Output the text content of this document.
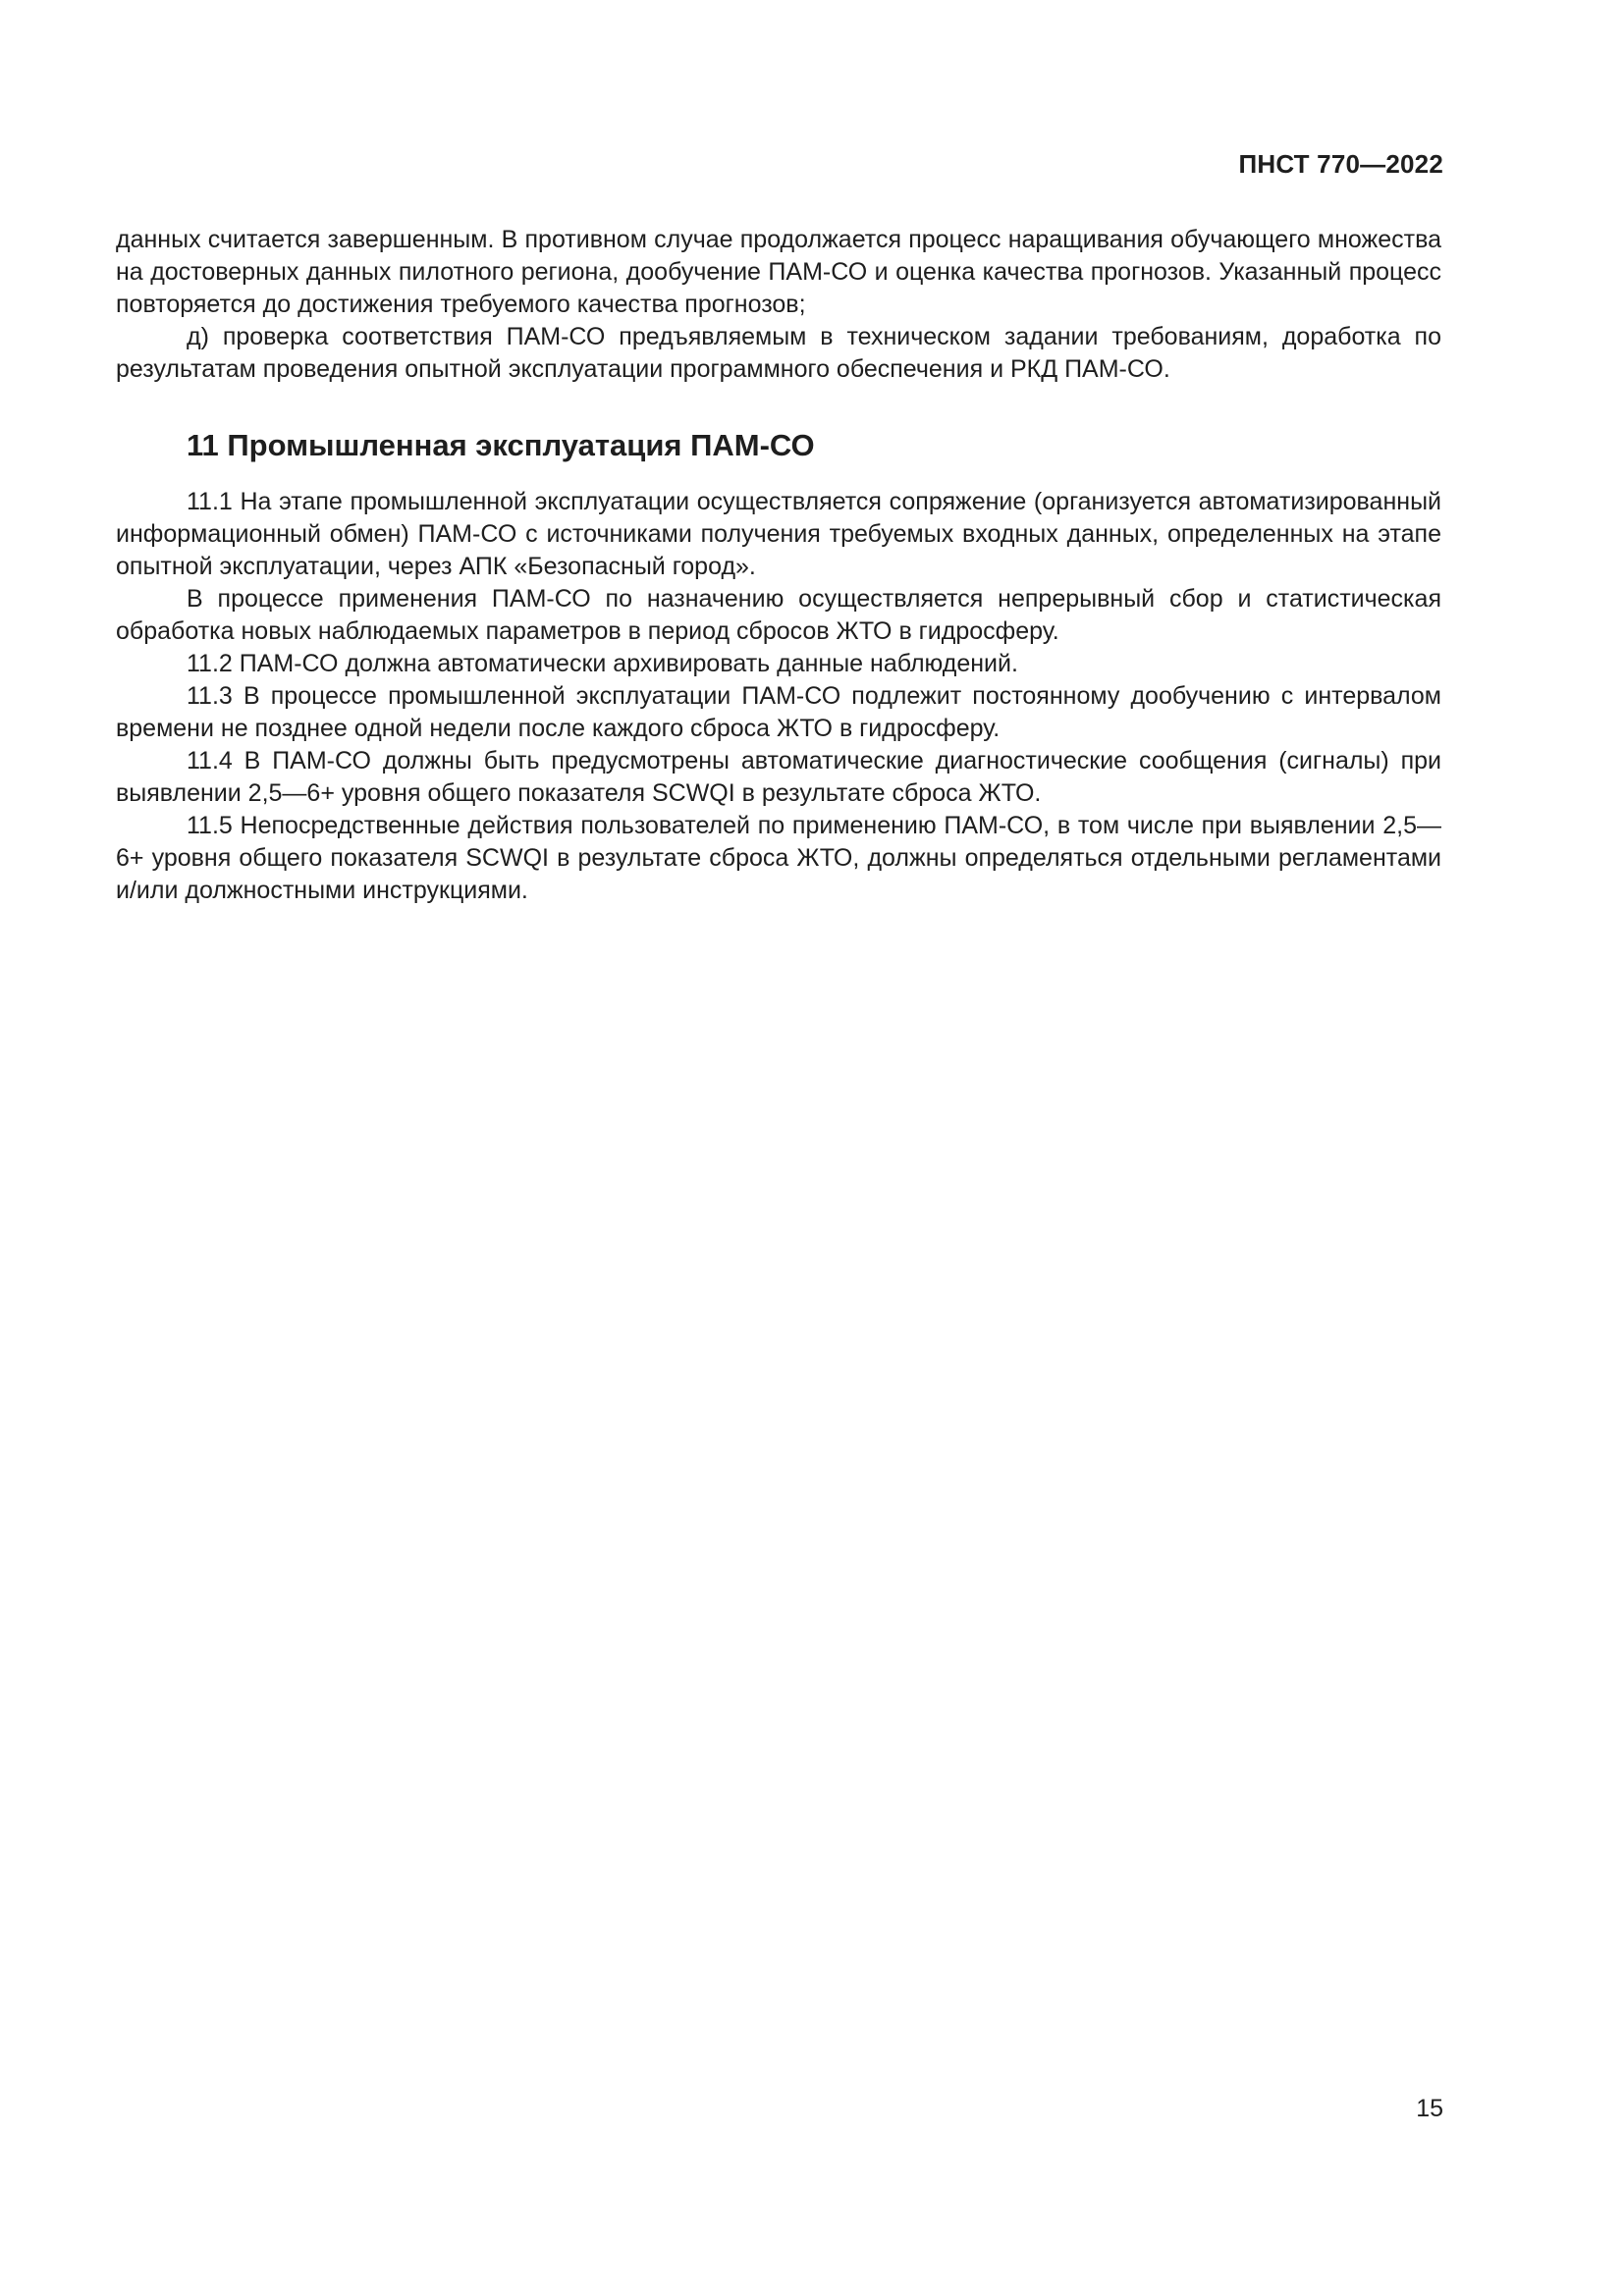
ПНСТ 770—2022

данных считается завершенным. В противном случае продолжается процесс наращивания обучающего множества на достоверных данных пилотного региона, дообучение ПАМ-СО и оценка качества прогнозов. Указанный процесс повторяется до достижения требуемого качества прогнозов;

д) проверка соответствия ПАМ-СО предъявляемым в техническом задании требованиям, доработка по результатам проведения опытной эксплуатации программного обеспечения и РКД ПАМ-СО.

11 Промышленная эксплуатация ПАМ-СО

11.1 На этапе промышленной эксплуатации осуществляется сопряжение (организуется автоматизированный информационный обмен) ПАМ-СО с источниками получения требуемых входных данных, определенных на этапе опытной эксплуатации, через АПК «Безопасный город».

В процессе применения ПАМ-СО по назначению осуществляется непрерывный сбор и статистическая обработка новых наблюдаемых параметров в период сбросов ЖТО в гидросферу.

11.2 ПАМ-СО должна автоматически архивировать данные наблюдений.

11.3 В процессе промышленной эксплуатации ПАМ-СО подлежит постоянному дообучению с интервалом времени не позднее одной недели после каждого сброса ЖТО в гидросферу.

11.4 В ПАМ-СО должны быть предусмотрены автоматические диагностические сообщения (сигналы) при выявлении 2,5—6+ уровня общего показателя SCWQI в результате сброса ЖТО.

11.5 Непосредственные действия пользователей по применению ПАМ-СО, в том числе при выявлении 2,5—6+ уровня общего показателя SCWQI в результате сброса ЖТО, должны определяться отдельными регламентами и/или должностными инструкциями.

15
